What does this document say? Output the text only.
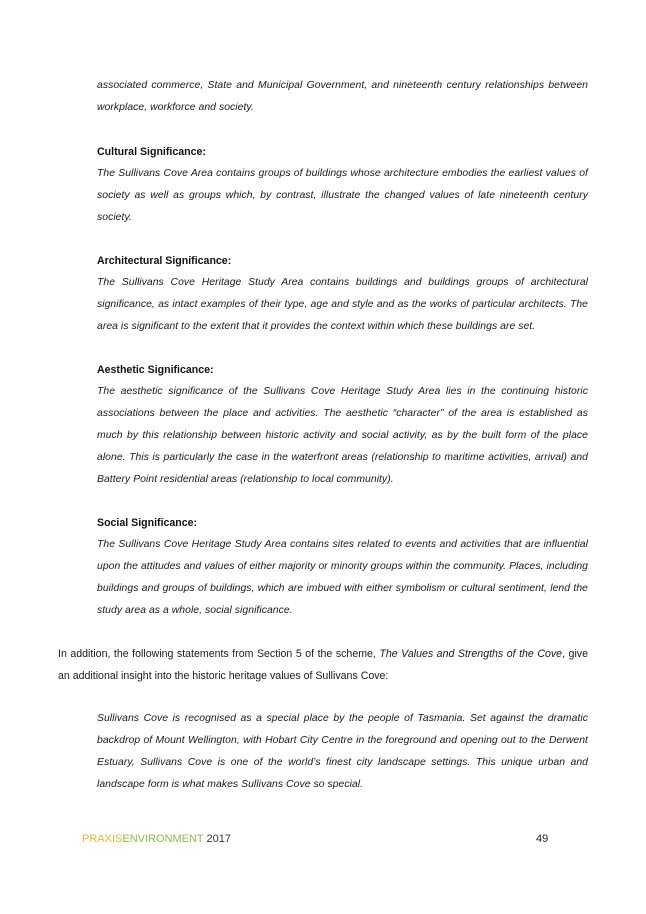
associated commerce, State and Municipal Government, and nineteenth century relationships between workplace, workforce and society.

Cultural Significance:

The Sullivans Cove Area contains groups of buildings whose architecture embodies the earliest values of society as well as groups which, by contrast, illustrate the changed values of late nineteenth century society.

Architectural Significance:

The Sullivans Cove Heritage Study Area contains buildings and buildings groups of architectural significance, as intact examples of their type, age and style and as the works of particular architects. The area is significant to the extent that it provides the context within which these buildings are set.

Aesthetic Significance:

The aesthetic significance of the Sullivans Cove Heritage Study Area lies in the continuing historic associations between the place and activities. The aesthetic “character” of the area is established as much by this relationship between historic activity and social activity, as by the built form of the place alone. This is particularly the case in the waterfront areas (relationship to maritime activities, arrival) and Battery Point residential areas (relationship to local community).

Social Significance:

The Sullivans Cove Heritage Study Area contains sites related to events and activities that are influential upon the attitudes and values of either majority or minority groups within the community. Places, including buildings and groups of buildings, which are imbued with either symbolism or cultural sentiment, lend the study area as a whole, social significance.

In addition, the following statements from Section 5 of the scheme, The Values and Strengths of the Cove, give an additional insight into the historic heritage values of Sullivans Cove:

Sullivans Cove is recognised as a special place by the people of Tasmania. Set against the dramatic backdrop of Mount Wellington, with Hobart City Centre in the foreground and opening out to the Derwent Estuary, Sullivans Cove is one of the world’s finest city landscape settings. This unique urban and landscape form is what makes Sullivans Cove so special.

PRAXISENVIRONMENT 2017	49
